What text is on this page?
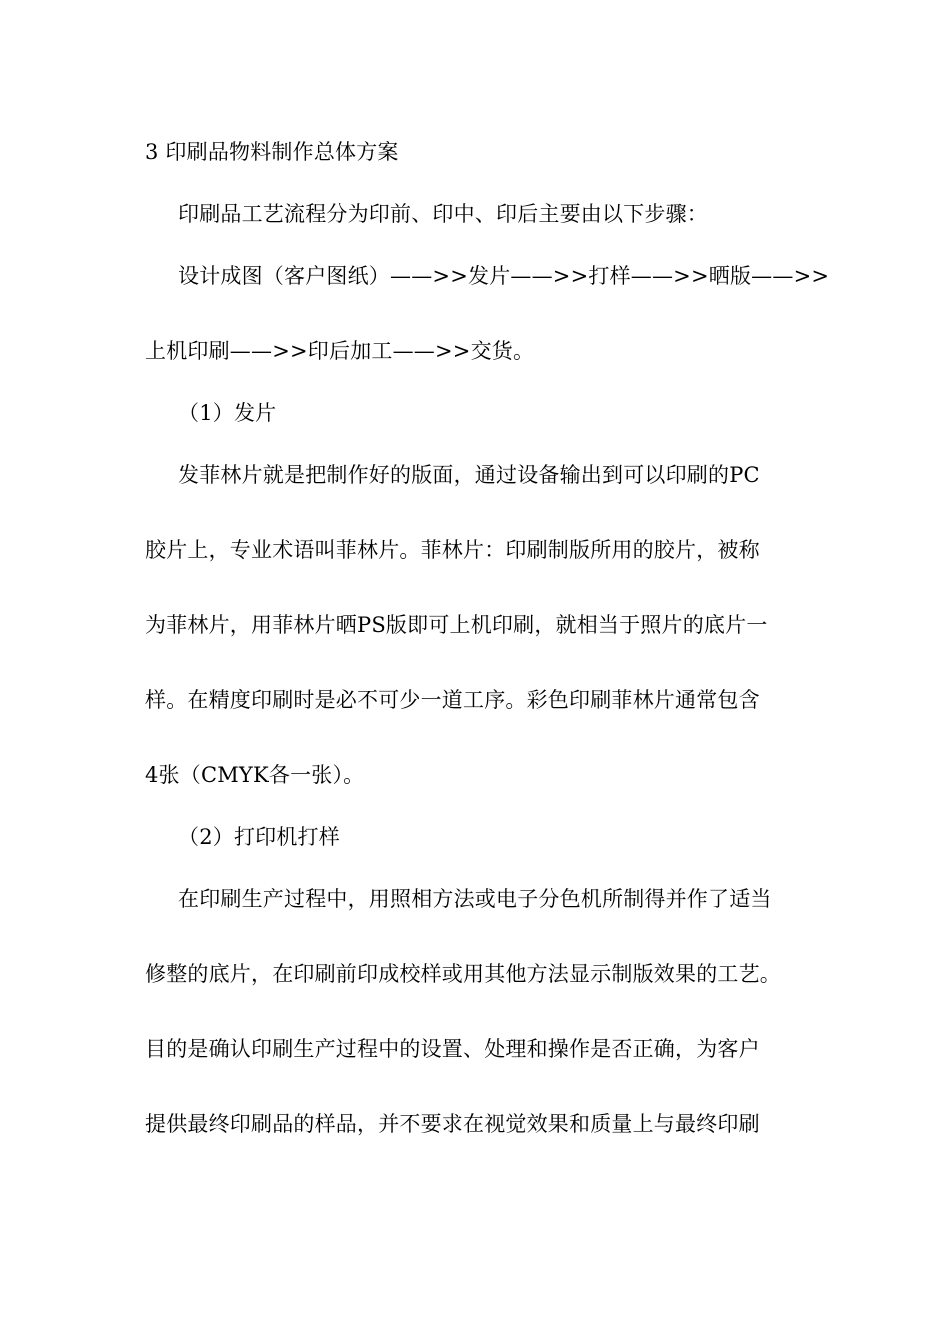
3 印刷品物料制作总体方案
印刷品工艺流程分为印前、印中、印后主要由以下步骤：
设计成图（客户图纸）——>>发片——>>打样——>>晒版——>>
上机印刷——>>印后加工——>>交货。
（1）发片
发菲林片就是把制作好的版面，通过设备输出到可以印刷的PC
胶片上，专业术语叫菲林片。菲林片：印刷制版所用的胶片，被称
为菲林片，用菲林片晒PS版即可上机印刷，就相当于照片的底片一
样。在精度印刷时是必不可少一道工序。彩色印刷菲林片通常包含
4张（CMYK各一张）。
（2）打印机打样
在印刷生产过程中，用照相方法或电子分色机所制得并作了适当
修整的底片，在印刷前印成校样或用其他方法显示制版效果的工艺。
目的是确认印刷生产过程中的设置、处理和操作是否正确，为客户
提供最终印刷品的样品，并不要求在视觉效果和质量上与最终印刷
